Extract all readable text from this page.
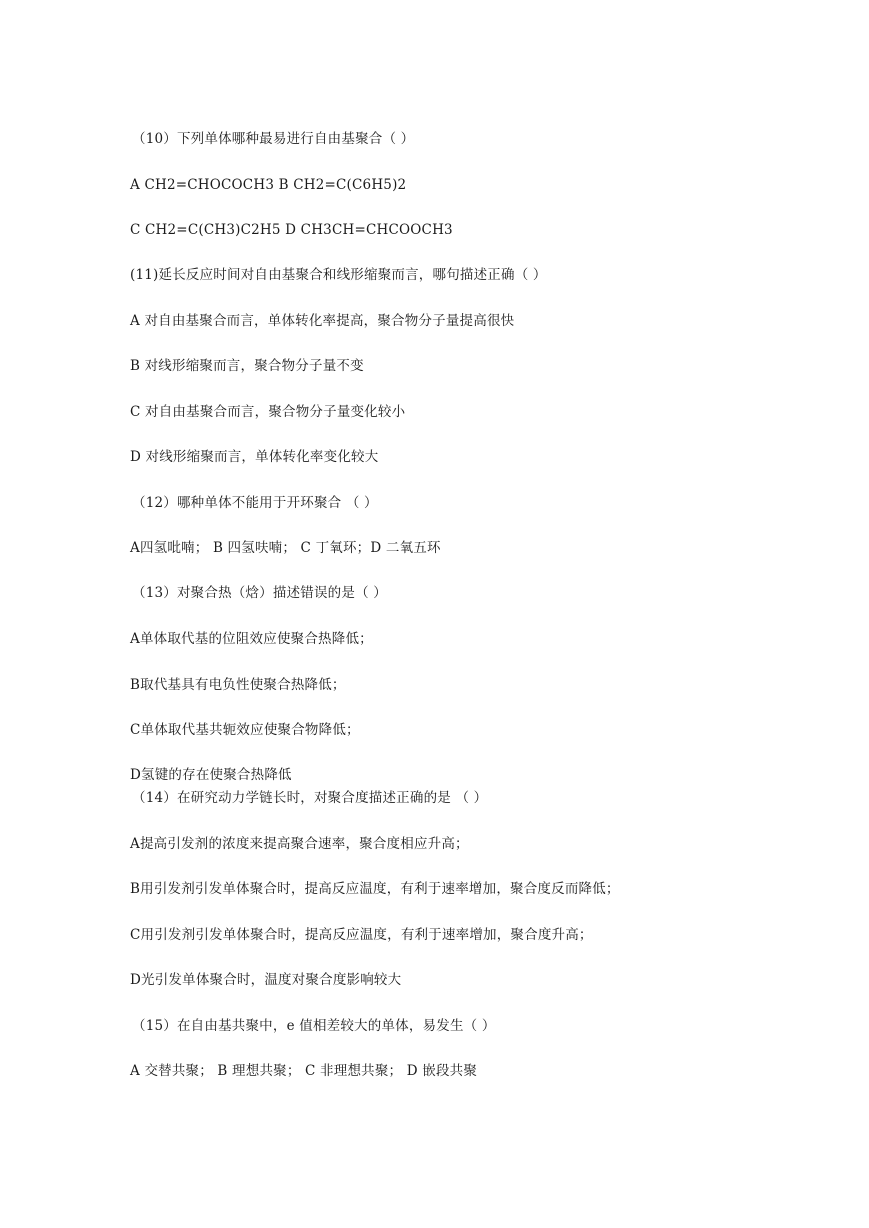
（10）下列单体哪种最易进行自由基聚合（ ）
A CH2=CHOCOCH3 B CH2=C(C6H5)2
C CH2=C(CH3)C2H5 D CH3CH=CHCOOCH3
(11)延长反应时间对自由基聚合和线形缩聚而言，哪句描述正确（ ）
A 对自由基聚合而言，单体转化率提高，聚合物分子量提高很快
B 对线形缩聚而言，聚合物分子量不变
C 对自由基聚合而言，聚合物分子量变化较小
D 对线形缩聚而言，单体转化率变化较大
（12）哪种单体不能用于开环聚合 （ ）
A四氢吡喃； B 四氢呋喃； C 丁氧环；D 二氧五环
（13）对聚合热（焓）描述错误的是（ ）
A单体取代基的位阻效应使聚合热降低；
B取代基具有电负性使聚合热降低；
C单体取代基共轭效应使聚合物降低；
D氢键的存在使聚合热降低
（14）在研究动力学链长时，对聚合度描述正确的是 （ ）
A提高引发剂的浓度来提高聚合速率，聚合度相应升高；
B用引发剂引发单体聚合时，提高反应温度，有利于速率增加，聚合度反而降低；
C用引发剂引发单体聚合时，提高反应温度，有利于速率增加，聚合度升高；
D光引发单体聚合时，温度对聚合度影响较大
（15）在自由基共聚中，e 值相差较大的单体，易发生（ ）
A 交替共聚； B 理想共聚； C 非理想共聚； D 嵌段共聚
